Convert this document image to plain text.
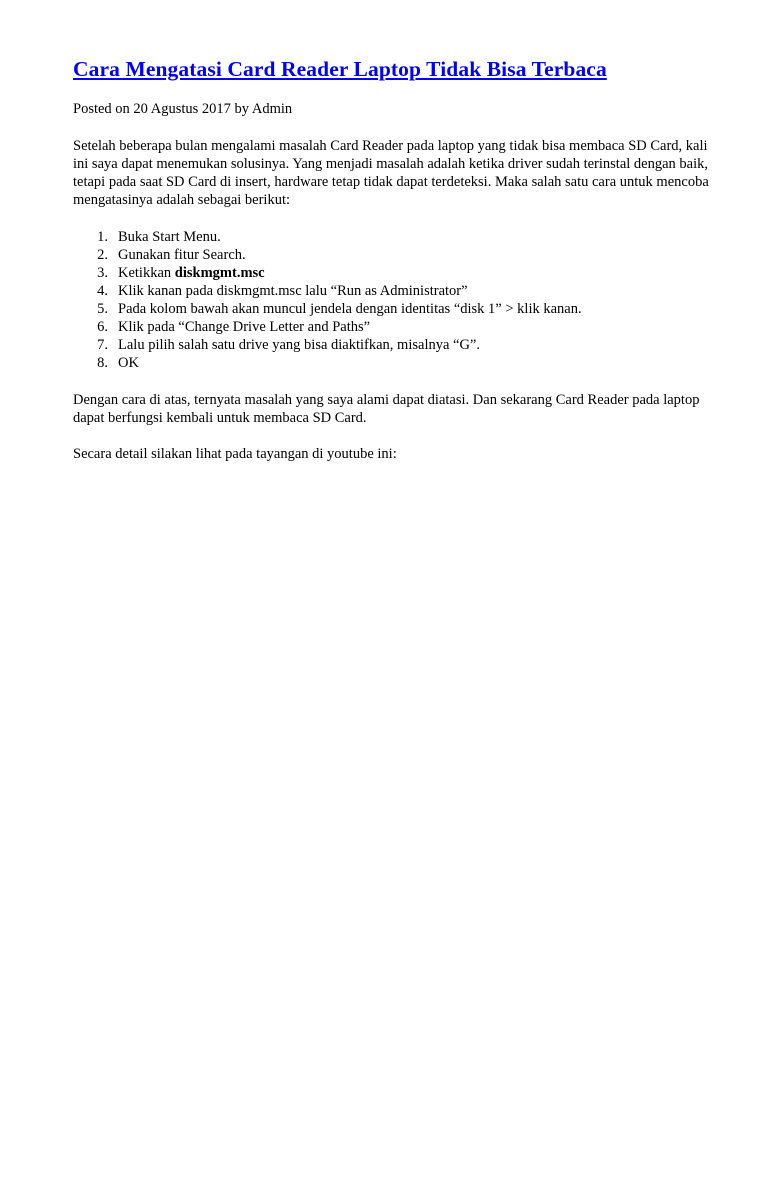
Cara Mengatasi Card Reader Laptop Tidak Bisa Terbaca

Posted on 20 Agustus 2017 by Admin

Setelah beberapa bulan mengalami masalah Card Reader pada laptop yang tidak bisa membaca SD Card, kali ini saya dapat menemukan solusinya. Yang menjadi masalah adalah ketika driver sudah terinstal dengan baik, tetapi pada saat SD Card di insert, hardware tetap tidak dapat terdeteksi. Maka salah satu cara untuk mencoba mengatasinya adalah sebagai berikut:

1. Buka Start Menu.
2. Gunakan fitur Search.
3. Ketikkan diskmgmt.msc
4. Klik kanan pada diskmgmt.msc lalu “Run as Administrator”
5. Pada kolom bawah akan muncul jendela dengan identitas “disk 1” > klik kanan.
6. Klik pada “Change Drive Letter and Paths”
7. Lalu pilih salah satu drive yang bisa diaktifkan, misalnya “G”.
8. OK

Dengan cara di atas, ternyata masalah yang saya alami dapat diatasi. Dan sekarang Card Reader pada laptop dapat berfungsi kembali untuk membaca SD Card.

Secara detail silakan lihat pada tayangan di youtube ini:
